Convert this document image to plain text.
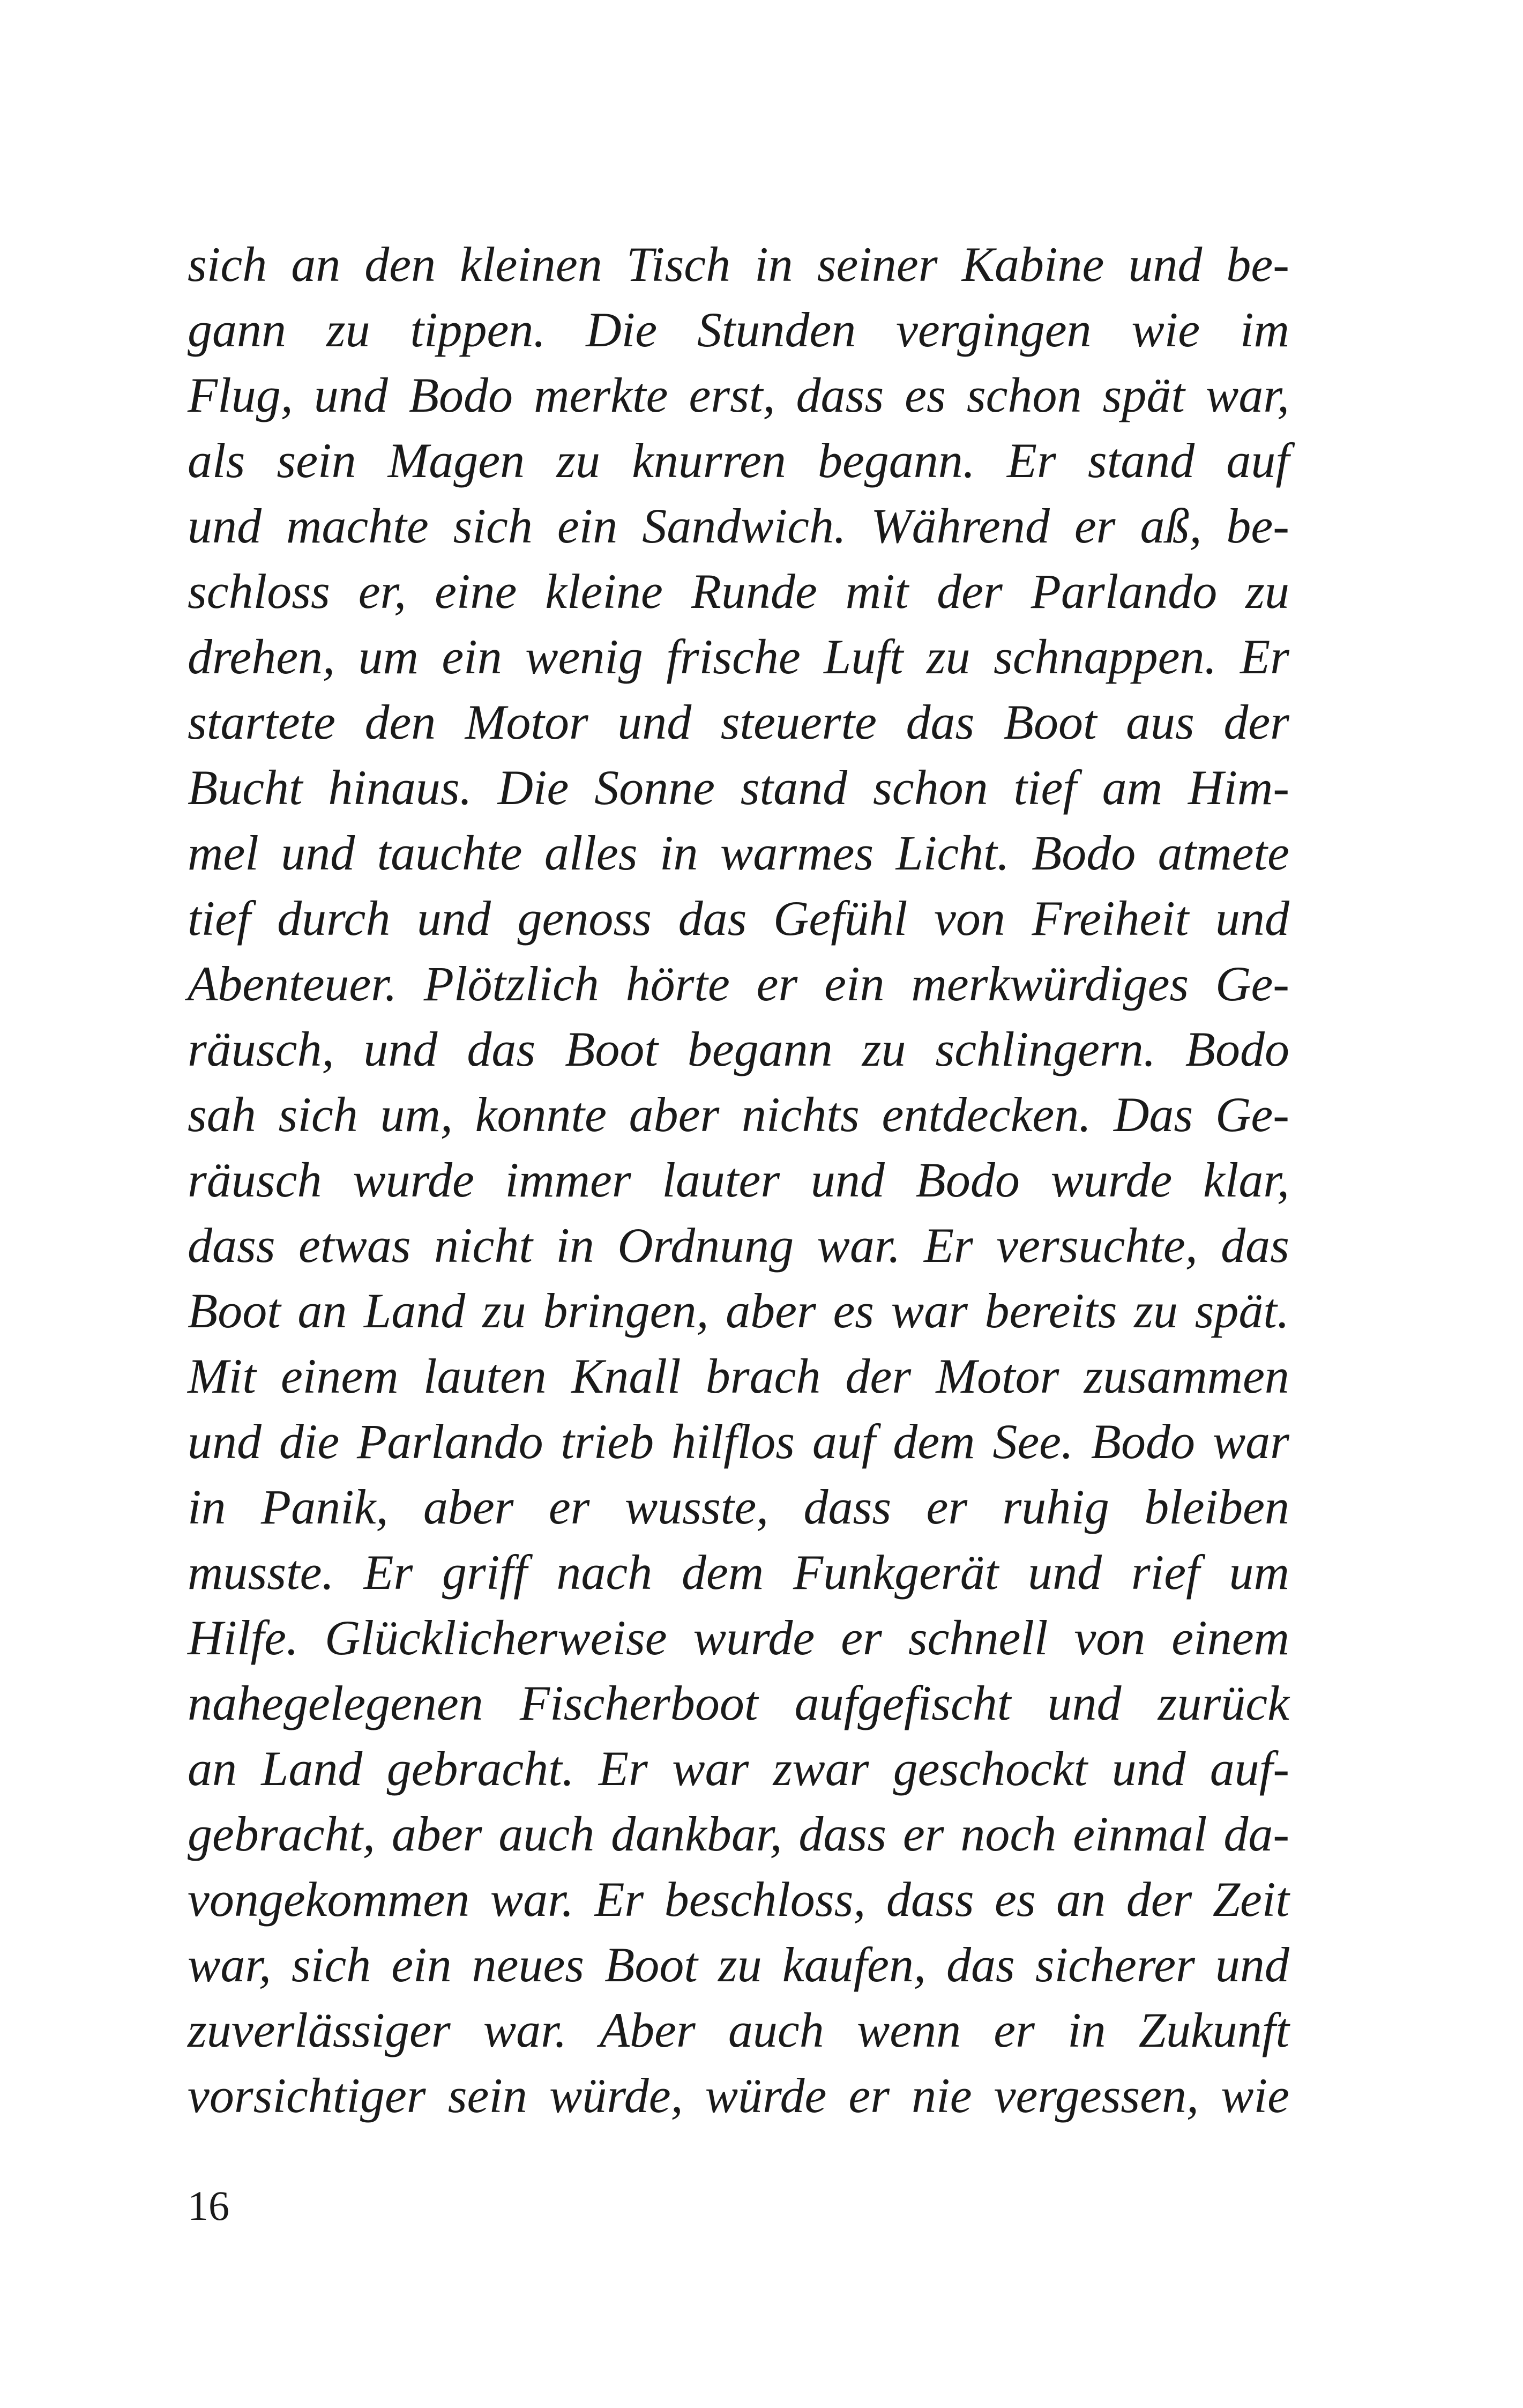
sich an den kleinen Tisch in seiner Kabine und be-
gann zu tippen. Die Stunden vergingen wie im
Flug, und Bodo merkte erst, dass es schon spät war,
als sein Magen zu knurren begann. Er stand auf
und machte sich ein Sandwich. Während er aß, be-
schloss er, eine kleine Runde mit der Parlando zu
drehen, um ein wenig frische Luft zu schnappen. Er
startete den Motor und steuerte das Boot aus der
Bucht hinaus. Die Sonne stand schon tief am Him-
mel und tauchte alles in warmes Licht. Bodo atmete
tief durch und genoss das Gefühl von Freiheit und
Abenteuer. Plötzlich hörte er ein merkwürdiges Ge-
räusch, und das Boot begann zu schlingern. Bodo
sah sich um, konnte aber nichts entdecken. Das Ge-
räusch wurde immer lauter und Bodo wurde klar,
dass etwas nicht in Ordnung war. Er versuchte, das
Boot an Land zu bringen, aber es war bereits zu spät.
Mit einem lauten Knall brach der Motor zusammen
und die Parlando trieb hilflos auf dem See. Bodo war
in Panik, aber er wusste, dass er ruhig bleiben
musste. Er griff nach dem Funkgerät und rief um
Hilfe. Glücklicherweise wurde er schnell von einem
nahegelegenen Fischerboot aufgefischt und zurück
an Land gebracht. Er war zwar geschockt und auf-
gebracht, aber auch dankbar, dass er noch einmal da-
vongekommen war. Er beschloss, dass es an der Zeit
war, sich ein neues Boot zu kaufen, das sicherer und
zuverlässiger war. Aber auch wenn er in Zukunft
vorsichtiger sein würde, würde er nie vergessen, wie
16
